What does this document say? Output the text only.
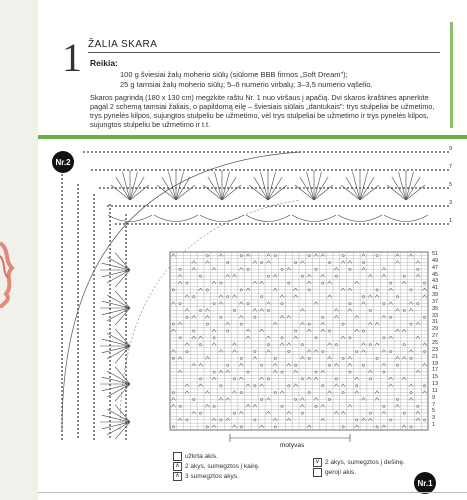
1 ŽALIA SKARA
Reikia:
100 g šviesiai žalų moherio siūlų (siūlome BBB firmos „Soft Dream");
25 g tamsiai žalų moherio siūlų; 5–6 numerio virbalų; 3–3,5 numerio vąšelio.
Skaros pagrindą (180 x 130 cm) megzkite raštu Nr. 1 nuo viršaus į apačią. Dvi skaros kraštines apnerkite pagal 2 schemą tamsiai žaliais, o papildomą eilę – šviesiais siūlais „dantukais": trys stulpeliai be užmetimo, trys pynelės kilpos, sujungtos stulpeliu be užmetimo, vėl trys stulpeliai be užmetimo ir trys pynelės kilpos, sujungtos stulpeliu be užmetimo ir t.t.
Nr.2
9
7
5
3
1
51
49
47
45
43
41
39
37
35
33
31
29
27
25
23
21
19
17
15
13
11
9
7
5
3
1
motyvas
užkrta akis.
∧ 2 akys, sumegztos į kairę.
∧ 3 sumegztos akys.
∨ 2 akys, sumegztos į dešinę.
geroji akis.
Nr.1
